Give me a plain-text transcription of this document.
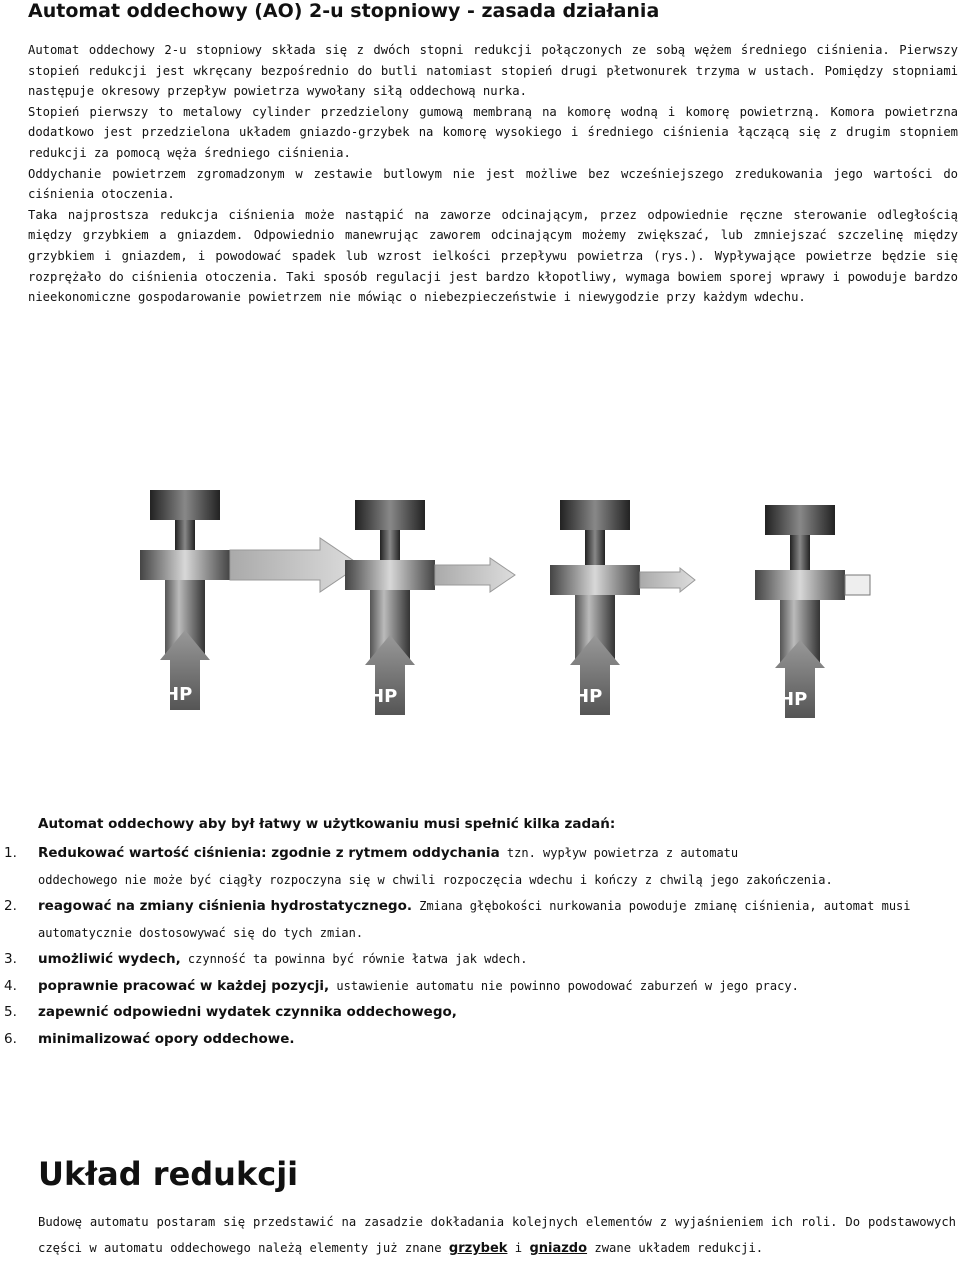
Automat oddechowy (AO) 2-u stopniowy - zasada działania

Automat oddechowy 2-u stopniowy składa się z dwóch stopni redukcji połączonych ze sobą wężem średniego ciśnienia. Pierwszy stopień redukcji jest wkręcany bezpośrednio do butli natomiast stopień drugi płetwonurek trzyma w ustach. Pomiędzy stopniami następuje okresowy przepływ powietrza wywołany siłą oddechową nurka.

Stopień pierwszy to metalowy cylinder przedzielony gumową membraną na komorę wodną i komorę powietrzną. Komora powietrzna dodatkowo jest przedzielona układem gniazdo-grzybek na komorę wysokiego i średniego ciśnienia łączącą się z drugim stopniem redukcji za pomocą węża średniego ciśnienia.

Oddychanie powietrzem zgromadzonym w zestawie butlowym nie jest możliwe bez wcześniejszego zredukowania jego wartości do ciśnienia otoczenia.

Taka najprostsza redukcja ciśnienia może nastąpić na zaworze odcinającym, przez odpowiednie ręczne sterowanie odległością między grzybkiem a gniazdem. Odpowiednio manewrując zaworem odcinającym możemy zwiększać, lub zmniejszać szczelinę między grzybkiem i gniazdem, i powodować spadek lub wzrost ielkości przepływu powietrza (rys.). Wypływające powietrze będzie się rozprężało do ciśnienia otoczenia. Taki sposób regulacji jest bardzo kłopotliwy, wymaga bowiem sporej wprawy i powoduje bardzo nieekonomiczne gospodarowanie powietrzem nie mówiąc o niebezpieczeństwie i niewygodzie przy każdym wdechu.

HP	HP	HP	HP
Automat oddechowy aby był łatwy w użytkowaniu musi spełnić kilka zadań:
1. Redukować wartość ciśnienia: zgodnie z rytmem oddychania tzn. wypływ powietrza z automatu
oddechowego nie może być ciągły rozpoczyna się w chwili rozpoczęcia wdechu i kończy z chwilą jego zakończenia.
2. reagować na zmiany ciśnienia hydrostatycznego. Zmiana głębokości nurkowania powoduje zmianę ciśnienia, automat musi
automatycznie dostosowywać się do tych zmian.
3. umożliwić wydech, czynność ta powinna być równie łatwa jak wdech.
4. poprawnie pracować w każdej pozycji, ustawienie automatu nie powinno powodować zaburzeń w jego pracy.
5. zapewnić odpowiedni wydatek czynnika oddechowego,
6. minimalizować opory oddechowe.
Układ redukcji
Budowę automatu postaram się przedstawić na zasadzie dokładania kolejnych elementów z wyjaśnieniem ich roli. Do podstawowych części w automatu oddechowego należą elementy już znane grzybek i gniazdo zwane układem redukcji.
